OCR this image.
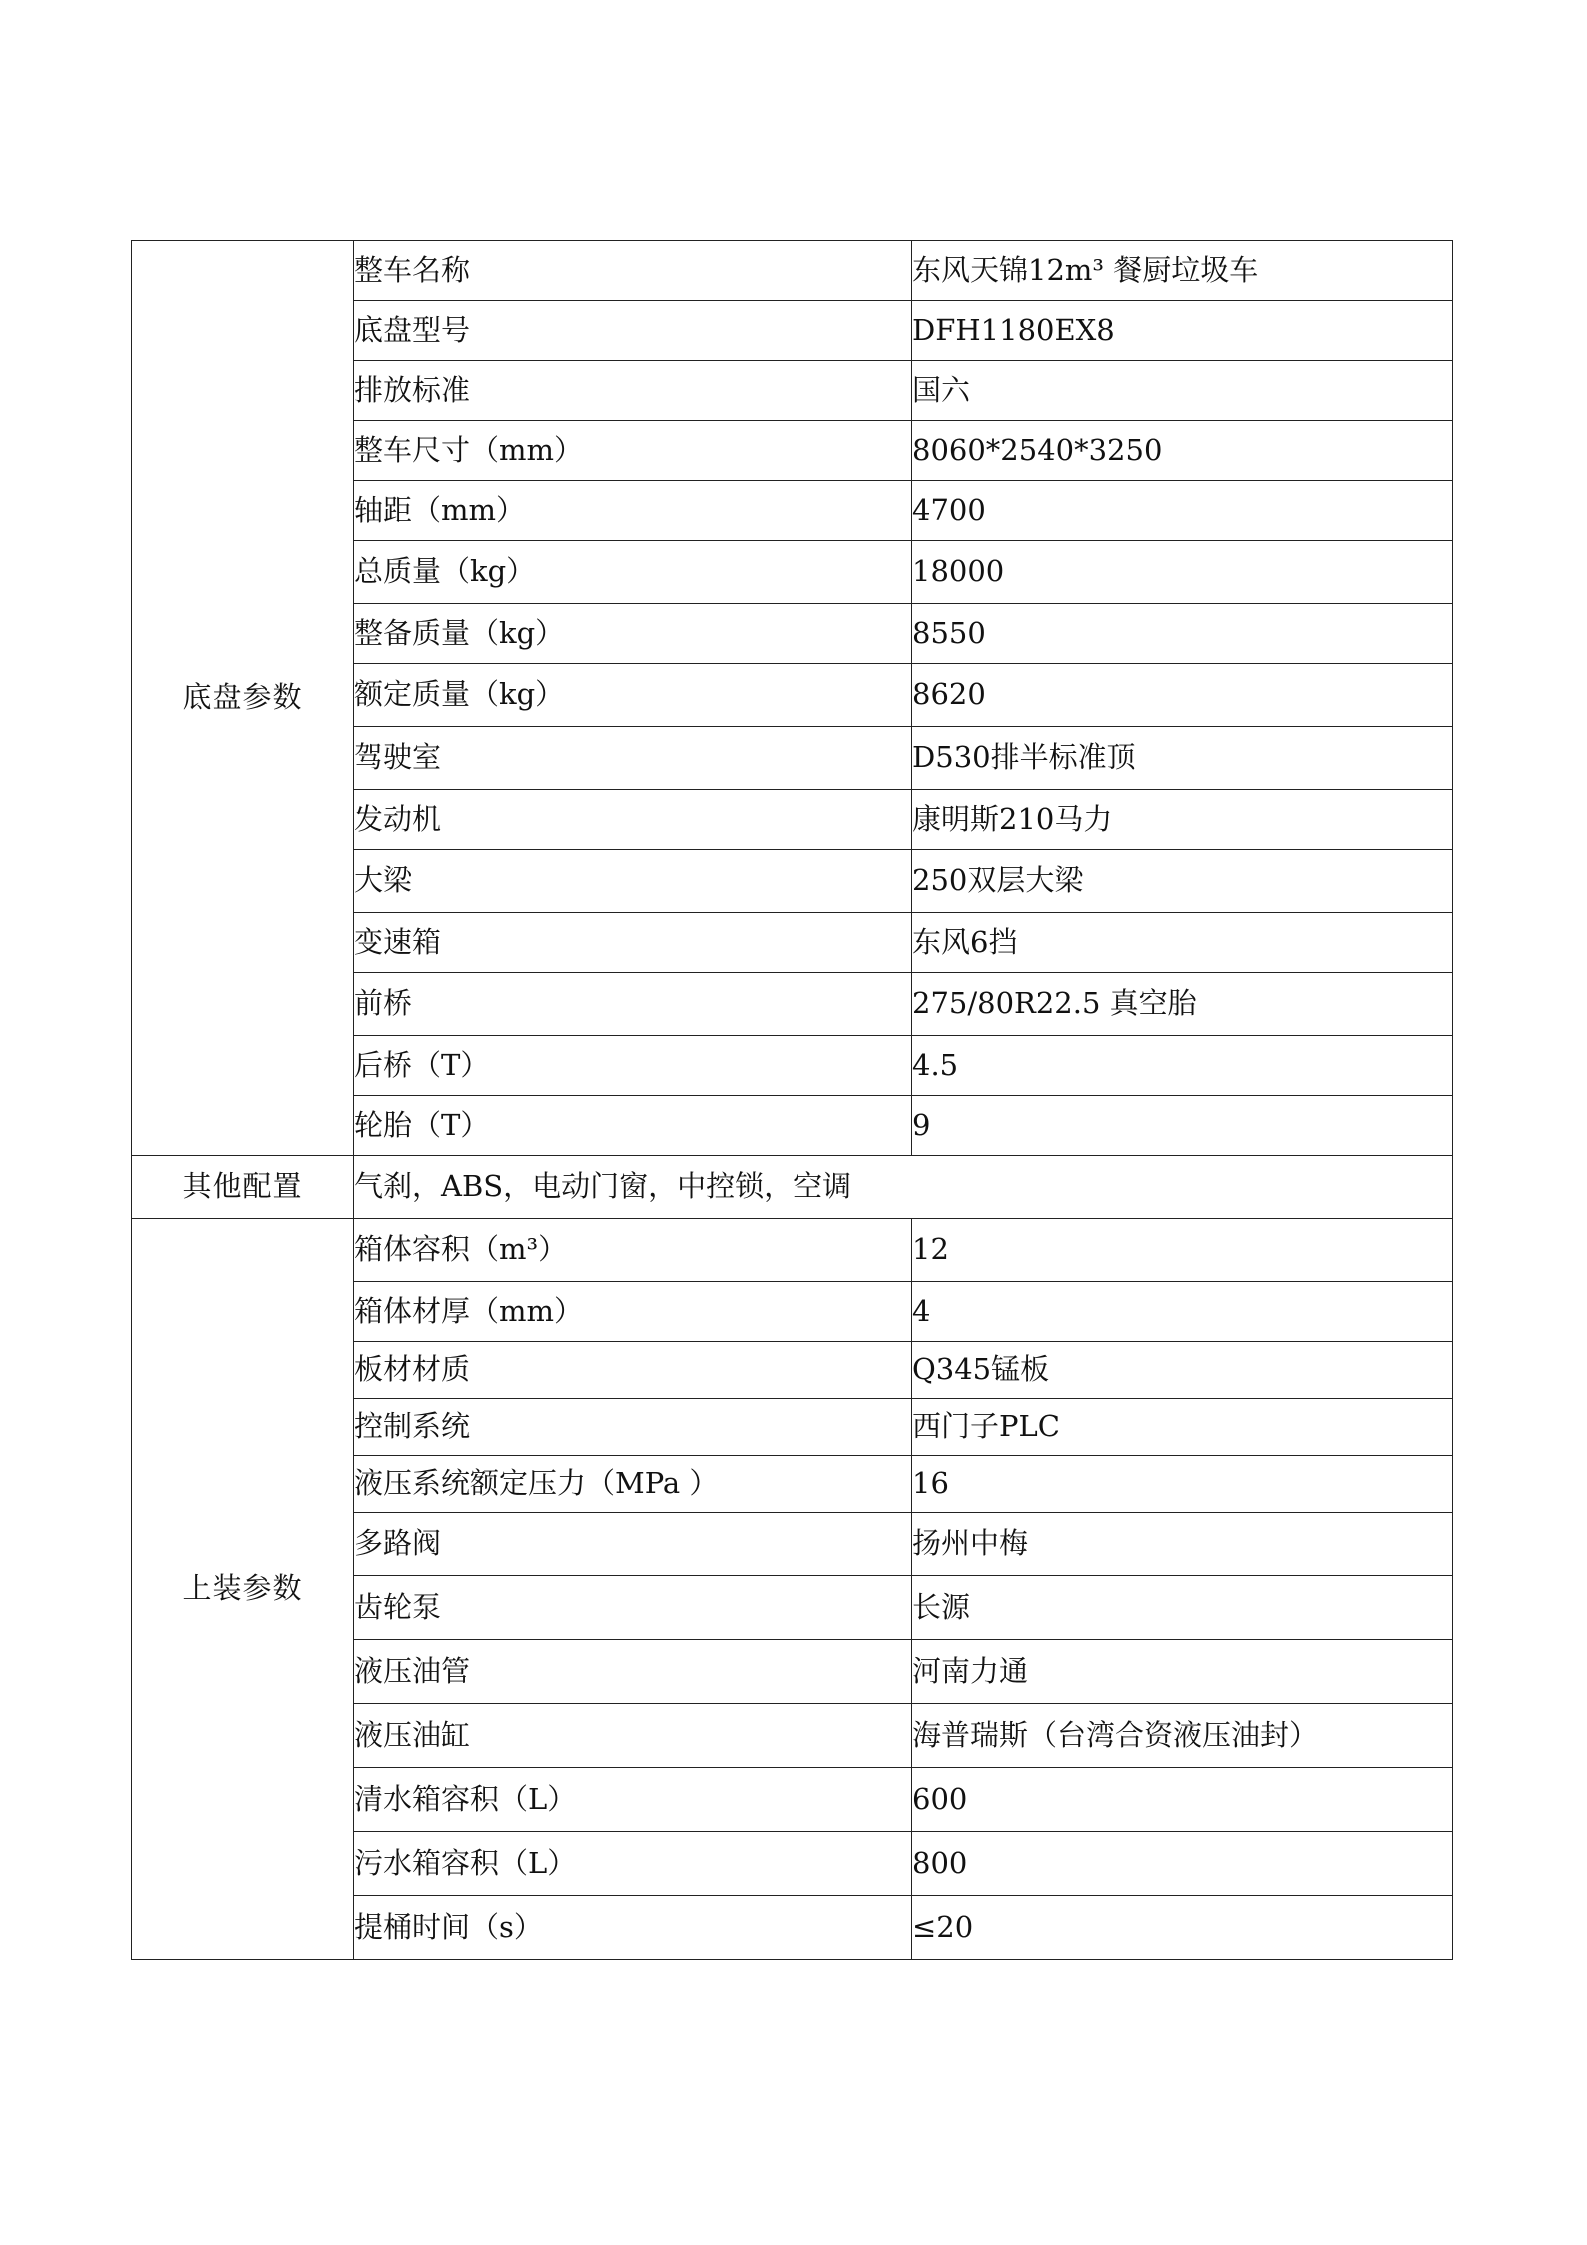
底盘参数	整车名称	东风天锦12m³ 餐厨垃圾车
	底盘型号	DFH1180EX8
	排放标准	国六
	整车尺寸（mm）	8060*2540*3250
	轴距（mm）	4700
	总质量（kg）	18000
	整备质量（kg）	8550
	额定质量（kg）	8620
	驾驶室	D530排半标准顶
	发动机	康明斯210马力
	大梁	250双层大梁
	变速箱	东风6挡
	前桥	275/80R22.5 真空胎
	后桥（T）	4.5
	轮胎（T）	9
其他配置	气刹，ABS，电动门窗，中控锁，空调	
上装参数	箱体容积（m³）	12
	箱体材厚（mm）	4
	板材材质	Q345锰板
	控制系统	西门子PLC
	液压系统额定压力（MPa ）	16
	多路阀	扬州中梅
	齿轮泵	长源
	液压油管	河南力通
	液压油缸	海普瑞斯（台湾合资液压油封）
	清水箱容积（L）	600
	污水箱容积（L）	800
	提桶时间（s）	≤20
